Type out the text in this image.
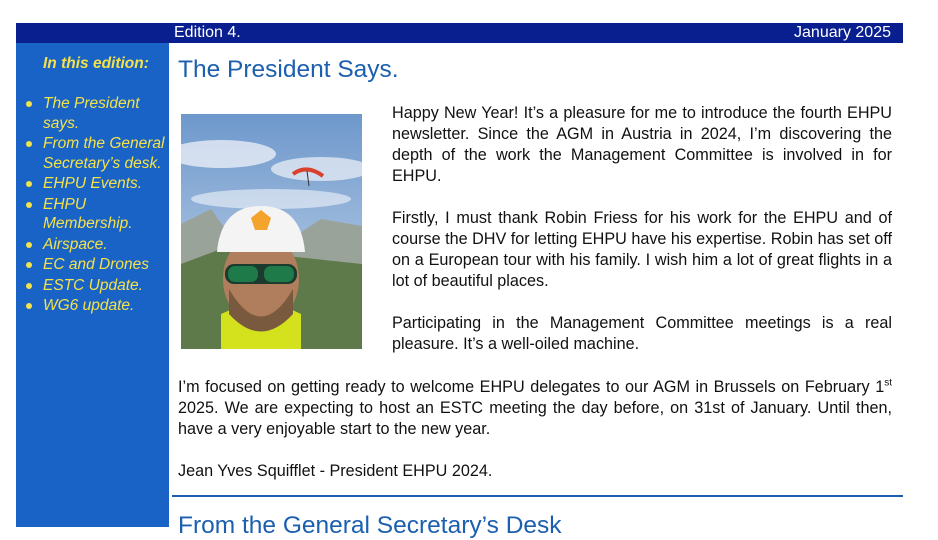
Edition 4.	January 2025
In this edition:
The President says.
From the General Secretary’s desk.
EHPU Events.
EHPU Membership.
Airspace.
EC and Drones
ESTC Update.
WG6 update.
The President Says.

Happy New Year! It’s a pleasure for me to introduce the fourth EHPU newsletter. Since the AGM in Austria in 2024, I’m discovering the depth of the work the Management Committee is involved in for EHPU.

Firstly, I must thank Robin Friess for his work for the EHPU and of course the DHV for letting EHPU have his expertise. Robin has set off on a European tour with his family. I wish him a lot of great flights in a lot of beautiful places.

Participating in the Management Committee meetings is a real pleasure. It’s a well-oiled machine.

I’m focused on getting ready to welcome EHPU delegates to our AGM in Brussels on February 1st 2025. We are expecting to host an ESTC meeting the day before, on 31st of January. Until then, have a very enjoyable start to the new year.

Jean Yves Squifflet - President EHPU 2024.
From the General Secretary’s Desk
